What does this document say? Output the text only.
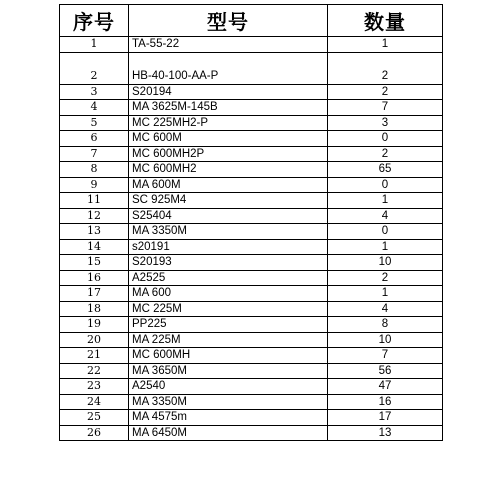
序号	型号	数量
1	TA-55-22	1
2	HB-40-100-AA-P	2
3	S20194	2
4	MA 3625M-145B	7
5	MC 225MH2-P	3
6	MC 600M	0
7	MC 600MH2P	2
8	MC 600MH2	65
9	MA 600M	0
11	SC 925M4	1
12	S25404	4
13	MA 3350M	0
14	s20191	1
15	S20193	10
16	A2525	2
17	MA 600	1
18	MC 225M	4
19	PP225	8
20	MA 225M	10
21	MC 600MH	7
22	MA 3650M	56
23	A2540	47
24	MA 3350M	16
25	MA 4575m	17
26	MA 6450M	13
